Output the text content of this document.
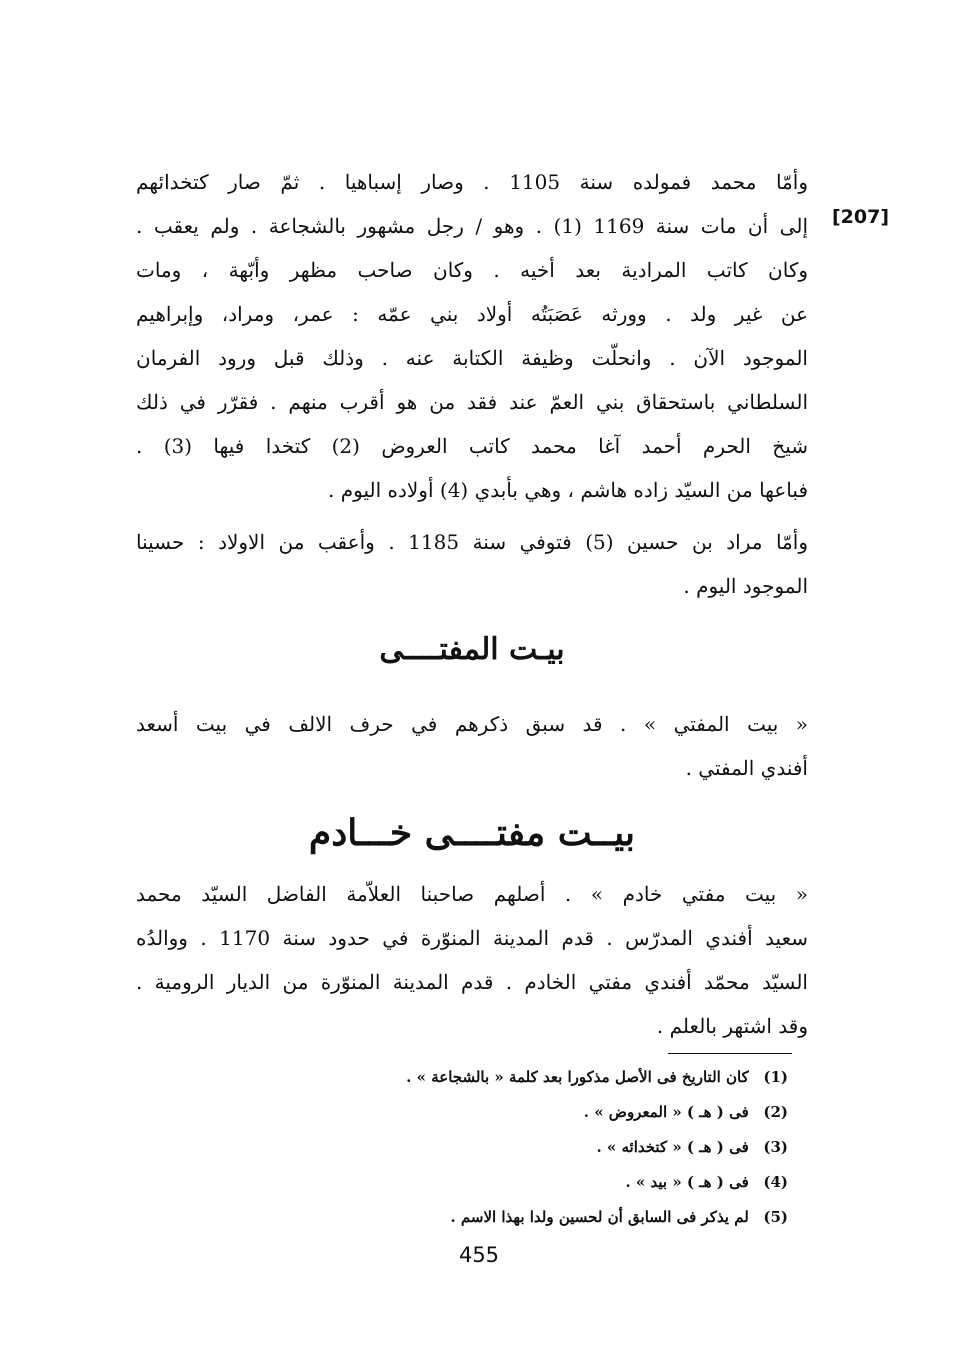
[207]
وأمّا محمد فمولده سنة 1105 . وصار إسباهيا . ثمّ صار كتخدائهم
إلى أن مات سنة 1169 (1) . وهو / رجل مشهور بالشجاعة . ولم يعقب .
وكان كاتب المرادية بعد أخيه . وكان صاحب مظهر وأبّهة ، ومات
عن غير ولد . وورثه عَصَبَتُه أولاد بني عمّه : عمر، ومراد، وإبراهيم
الموجود الآن . وانحلّت وظيفة الكتابة عنه . وذلك قبل ورود الفرمان
السلطاني باستحقاق بني العمّ عند فقد من هو أقرب منهم . فقرّر في ذلك
شيخ الحرم أحمد آغا محمد كاتب العروض (2) كتخدا فيها (3) .
فباعها من السيّد زاده هاشم ، وهي بأبدي (4) أولاده اليوم .
وأمّا مراد بن حسين (5) فتوفي سنة 1185 . وأعقب من الاولاد : حسينا
الموجود اليوم .
بيـت المفتــــى
« بيت المفتي » . قد سبق ذكرهم في حرف الالف في بيت أسعد
أفندي المفتي .
بيــت مفتــــى خـــادم
« بيت مفتي خادم » . أصلهم صاحبنا العلاّمة الفاضل السيّد محمد
سعيد أفندي المدرّس . قدم المدينة المنوّرة في حدود سنة 1170 . ووالدُه
السيّد محمّد أفندي مفتي الخادم . قدم المدينة المنوّرة من الديار الرومية .
وقد اشتهر بالعلم .
(1) كان التاريخ فى الأصل مذكورا بعد كلمة « بالشجاعة » .
(2) فى ( هـ ) « المعروض » .
(3) فى ( هـ ) « كتخدائه » .
(4) فى ( هـ ) « بيد » .
(5) لم يذكر فى السابق أن لحسين ولدا بهذا الاسم .
455
